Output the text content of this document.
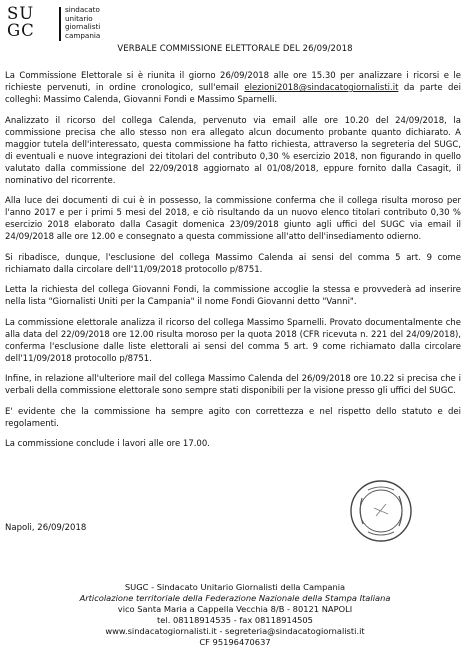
SU
GC
sindacato
unitario
giornalisti
campania
VERBALE COMMISSIONE ELETTORALE DEL 26/09/2018

La Commissione Elettorale si è riunita il giorno 26/09/2018 alle ore 15.30 per analizzare i ricorsi e le richieste pervenuti, in ordine cronologico, sull'email elezioni2018@sindacatogiornalisti.it da parte dei colleghi: Massimo Calenda, Giovanni Fondi e Massimo Sparnelli.

Analizzato il ricorso del collega Calenda, pervenuto via email alle ore 10.20 del 24/09/2018, la commissione precisa che allo stesso non era allegato alcun documento probante quanto dichiarato. A maggior tutela dell'interessato, questa commissione ha fatto richiesta, attraverso la segreteria del SUGC, di eventuali e nuove integrazioni dei titolari del contributo 0,30 % esercizio 2018, non figurando in quello valutato dalla commissione del 22/09/2018 aggiornato al 01/08/2018, eppure fornito dalla Casagit, il nominativo del ricorrente.

Alla luce dei documenti di cui è in possesso, la commissione conferma che il collega risulta moroso per l'anno 2017 e per i primi 5 mesi del 2018, e ciò risultando da un nuovo elenco titolari contributo 0,30 % esercizio 2018 elaborato dalla Casagit domenica 23/09/2018 giunto agli uffici del SUGC via email il 24/09/2018 alle ore 12.00 e consegnato a questa commissione all'atto dell'insediamento odierno.

Si ribadisce, dunque, l'esclusione del collega Massimo Calenda ai sensi del comma 5 art. 9 come richiamato dalla circolare dell'11/09/2018 protocollo p/8751.

Letta la richiesta del collega Giovanni Fondi, la commissione accoglie la stessa e provvederà ad inserire nella lista "Giornalisti Uniti per la Campania" il nome Fondi Giovanni detto "Vanni".

La commissione elettorale analizza il ricorso del collega Massimo Sparnelli. Provato documentalmente che alla data del 22/09/2018 ore 12.00 risulta moroso per la quota 2018 (CFR ricevuta n. 221 del 24/09/2018), conferma l'esclusione dalle liste elettorali ai sensi del comma 5 art. 9 come richiamato dalla circolare dell'11/09/2018 protocollo p/8751.

Infine, in relazione all'ulteriore mail del collega Massimo Calenda del 26/09/2018 ore 10.22 si precisa che i verbali della commissione elettorale sono sempre stati disponibili per la visione presso gli uffici del SUGC.

E' evidente che la commissione ha sempre agito con correttezza e nel rispetto dello statuto e dei regolamenti.

La commissione conclude i lavori alle ore 17.00.

Napoli, 26/09/2018
SUGC - Sindacato Unitario Giornalisti della Campania
Articolazione territoriale della Federazione Nazionale della Stampa Italiana
vico Santa Maria a Cappella Vecchia 8/B - 80121 NAPOLI
tel. 08118914535 - fax 08118914505
www.sindacatogiornalisti.it - segreteria@sindacatogiornalisti.it
CF 95196470637
